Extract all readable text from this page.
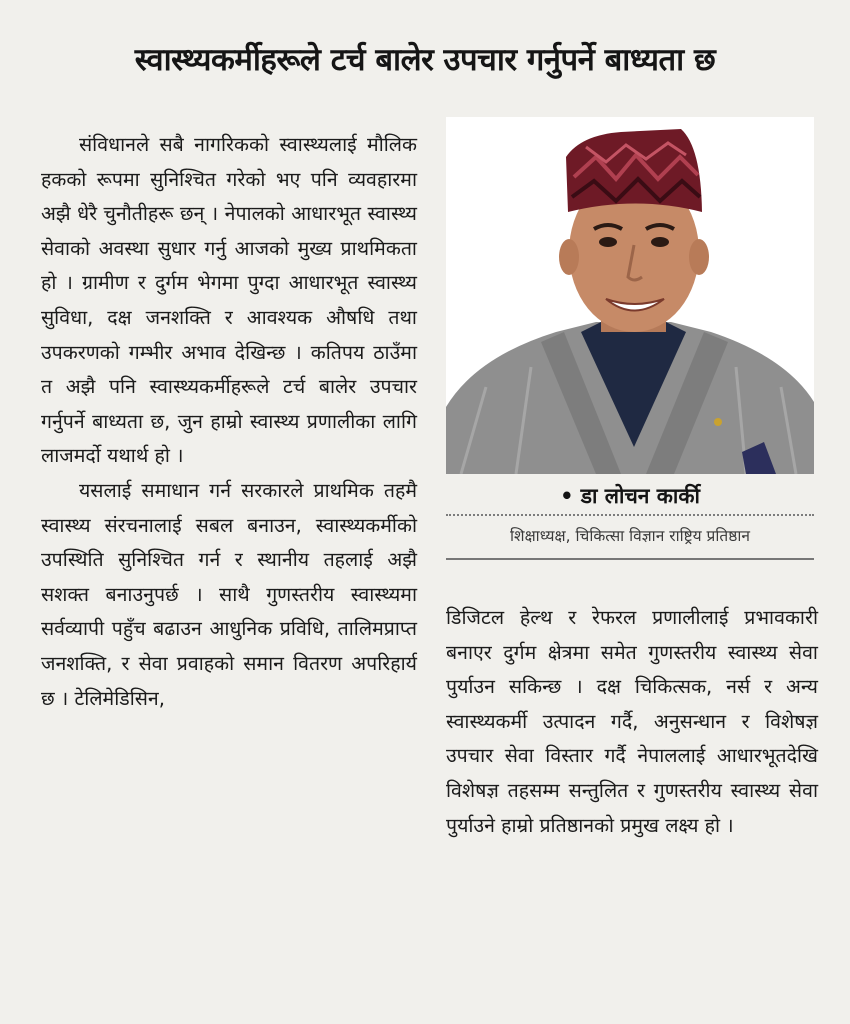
स्वास्थ्यकर्मीहरूले टर्च बालेर उपचार गर्नुपर्ने बाध्यता छ

संविधानले सबै नागरिकको स्वास्थ्यलाई मौलिक हकको रूपमा सुनिश्चित गरेको भए पनि व्यवहारमा अझै धेरै चुनौतीहरू छन् । नेपालको आधारभूत स्वास्थ्य सेवाको अवस्था सुधार गर्नु आजको मुख्य प्राथमिकता हो । ग्रामीण र दुर्गम भेगमा पुग्दा आधारभूत स्वास्थ्य सुविधा, दक्ष जनशक्ति र आवश्यक औषधि तथा उपकरणको गम्भीर अभाव देखिन्छ । कतिपय ठाउँमा त अझै पनि स्वास्थ्यकर्मीहरूले टर्च बालेर उपचार गर्नुपर्ने बाध्यता छ, जुन हाम्रो स्वास्थ्य प्रणालीका लागि लाजमर्दो यथार्थ हो ।

यसलाई समाधान गर्न सरकारले प्राथमिक तहमै स्वास्थ्य संरचनालाई सबल बनाउन, स्वास्थ्यकर्मीको उपस्थिति सुनिश्चित गर्न र स्थानीय तहलाई अझै सशक्त बनाउनुपर्छ । साथै गुणस्तरीय स्वास्थ्यमा सर्वव्यापी पहुँच बढाउन आधुनिक प्रविधि, तालिमप्राप्त जनशक्ति, र सेवा प्रवाहको समान वितरण अपरिहार्य छ । टेलिमेडिसिन,

• डा लोचन कार्की
शिक्षाध्यक्ष, चिकित्सा विज्ञान राष्ट्रिय प्रतिष्ठान

डिजिटल हेल्थ र रेफरल प्रणालीलाई प्रभावकारी बनाएर दुर्गम क्षेत्रमा समेत गुणस्तरीय स्वास्थ्य सेवा पुर्याउन सकिन्छ । दक्ष चिकित्सक, नर्स र अन्य स्वास्थ्यकर्मी उत्पादन गर्दै, अनुसन्धान र विशेषज्ञ उपचार सेवा विस्तार गर्दै नेपाललाई आधारभूतदेखि विशेषज्ञ तहसम्म सन्तुलित र गुणस्तरीय स्वास्थ्य सेवा पुर्याउने हाम्रो प्रतिष्ठानको प्रमुख लक्ष्य हो ।
